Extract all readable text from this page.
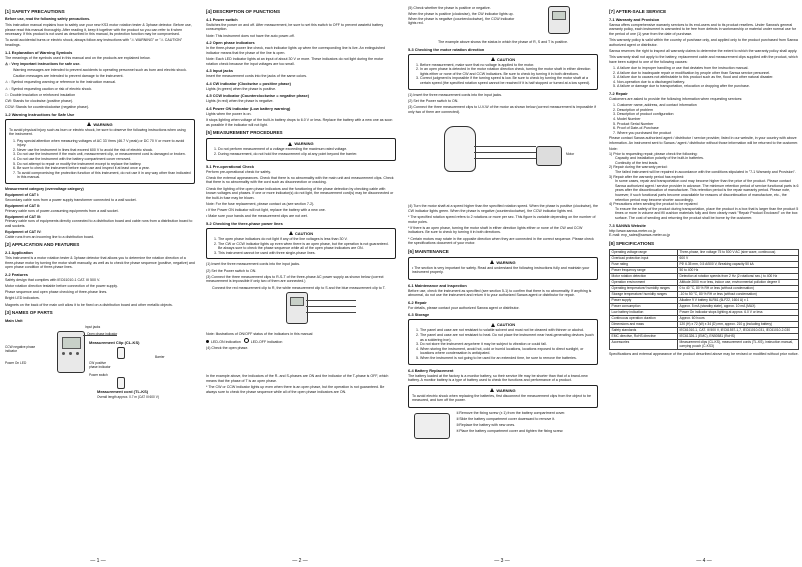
[1] SAFETY PRECAUTIONS

Before use, read the following safety precautions.

This instruction manual explains how to safely use your new KS3 motor rotation tester & 3phase detector. Before use, please read this manual thoroughly. After reading it, keep it together with the product so you can refer to it when necessary. If this product is not used as described in this manual, its protection function may be compromised.

To avoid accidental burns or electric shock, always follow any instructions with "⚠ WARNING" or "⚠ CAUTION" headings.

1-1 Explanation of Warning Symbols

The meanings of the symbols used in this manual and on the products are explained below.

⚠ : Very important instructions for safe use.

Warning messages are intended to prevent accidents to operating personnel such as burn and electric shock.

Caution messages are intended to prevent damage to the instrument.

⚠ : Symbol requesting warning or reference to the instruction manual.

⚠ : Symbol requesting caution or risk of electric shock.

□ : Double insulation or reinforced insulation

CW: Stands for clockwise (positive phase).

CCW: Stands for counterclockwise (negative phase).

1-2 Warning Instructions for Safe Use
WARNING

To avoid physical injury such as burn or electric shock, be sure to observe the following instructions when using the instrument.

1. Pay special attention when measuring voltages of AC 33 Vrms (46.7 V peak) or DC 70 V or more to avoid injury.
2. Never use the instrument in lines that exceed 600 V to avoid the risk of electric shock.
3. Do not use the instrument if the main unit, measurement clip, or measurement cord is damaged or broken.
4. Do not use the instrument with the battery compartment cover removed.
5. Do not attempt to repair or modify the instrument except to replace the battery.
6. Be sure to check the instrument before each use and inspect it at least once a year.
7. To avoid compromising the protection function of this instrument, do not use it in any way other than indicated in this manual.

Measurement category (overvoltage category)

Equipment of CAT I:

Secondary cable runs from a power supply transformer connected to a wall socket.

Equipment of CAT II:

Primary cable runs of power-consuming equipments from a wall socket.

Equipment of CAT III:

Primary cable runs of equipments directly connected to a distribution board and cable runs from a distribution board to wall sockets.

Equipment of CAT IV:

Cable runs from an incoming line to a distribution board.

[2] APPLICATION AND FEATURES
2-1 Application

This instrument is a motor rotation tester & 3phase detector that allows you to determine the rotation direction of a three-phase motor by turning the motor shaft manually, as well as to check the phase sequence (positive, negative) and open phase condition of three-phase lines.

2-2 Features

Safety design that complies with IEC61010-1 CAT. III 500 V.

Motor rotation direction testable before connection of the power supply.

Phase sequence and open phase checking of three-phase lines.

Bright LED indicators.

Magnets on the back of the main unit allow it to be fixed on a distribution board and other metallic objects.

[3] NAMES OF PARTS
Main Unit
Input jacks
Open phase indicator
Measurement Clip (CL-KS)
CCW negative phase indicator
CW positive phase indicator
Power On LED
Power switch
Barrier
Measurement cord (TL-KS)
Overall length approx. 0.7 m (CAT III 600 V)
— 1 —
[4] DESCRIPTION OF FUNCTIONS
4-1 Power switch

Switches the power on and off. After measurement, be sure to set this switch to OFF to prevent wasteful battery consumption.

Note: This instrument does not have the auto power-off.

4-2 Open phase indicators

In the three-phase power line check, each indicator lights up when the corresponding line is live. An extinguished indicator means that the phase of the line is open.

Note: Each LED indicator lights at an input of about 30 V or more. These indicators do not light during the motor rotation check because the input voltages are too small.

4-3 Input jacks

Insert the measurement cords into the jacks of the same colors.

4-4 CW indicator (Clockwise = positive phase)

Lights (in green) when the phase is positive.

4-5 CCW indicator (Counterclockwise = negative phase)

Lights (in red) when the phase is negative.

4-6 Power ON indicator (Low battery warning)

Lights when the power is on.

It stops lighting when voltage of the built-in battery drops to 6.0 V or less. Replace the battery with a new one as soon as possible if the indicator will not light.

[5] MEASUREMENT PROCEDURES
WARNING
1. Do not perform measurement of a voltage exceeding the maximum rated voltage.
2. During measurement, do not hold the measurement clip at any point beyond the barrier.
5-1 Pre-operational Check

Perform pre-operational check for safety.

Check the external appearances. Check that there is no abnormality with the main unit and measurement clips. Check that there is no abnormality with the cord such as disconnection or cracking.

Check the lighting of the open phase indicators and the functioning of the phase detection by checking cable with known voltages and phases. If one or more indicator(s) do not light, the measurement cord(s) may be disconnected or the built-in fuse may be blown.

Note: For the fuse replacement, please contact us (see section 7-2).

• If the Power ON indicator will not light, replace the battery with a new one.

• Make sure your hands and the measurement clips are not wet.

5-2 Checking the three-phase power lines
CAUTION
1. The open phase indicators do not light if any of the line voltages is less than 30 V.
2. The CW or CCW indicator lights up even when there is an open phase, but the operation is not guaranteed. Be always sure to check the phase sequence while all of the open phase indicators are ON.
3. This instrument cannot be used with three single-phase lines.

(1) Insert the three measurement cords into the input jacks.

(2) Set the Power switch to ON.

(3) Connect the three measurement clips to R-S-T of the three-phase AC power supply as shown below (correct measurement is impossible if only two of them are connected.)

Connect the red measurement clip to R, the white measurement clip to S and the blue measurement clip to T.

Note: Illustrations of ON/OFF status of the indicators in this manual

LED-ON indication	LED-OFF indication

(4) Check the open phase.

In the example above, the indicators of the R- and S-phases are ON and the indicator of the T-phase is OFF, which means that the phase of T is an open phase.

* The CW or CCW indicator lights up even when there is an open phase, but the operation is not guaranteed. Be always sure to check the phase sequence while all of the open phase indicators are ON.

— 2 —

(5) Check whether the phase is positive or negative.

When the phase is positive (clockwise), the CW indicator lights up. When the phase is negative (counterclockwise), the CCW indicator lights red.

The example above shows the status in which the phase of R, S and T is positive.

5-3 Checking the motor rotation direction
CAUTION
1. Before measurement, make sure that no voltage is applied to the motor.
2. In an open phase is detected in the motor rotation direction check, turning the motor shaft in either direction lights either or none of the CW and CCW indicators. Be sure to check by turning it in both directions.
3. Correct judgment is impossible if the turning speed is low. Be sure to check by turning the motor shaft at a certain speed (the specified rotation speed cannot be reached if it is half stopped or turned at a low speed).

(1) Insert the three measurement cords into the input jacks.

(2) Set the Power switch to ON.

(3) Connect the three measurement clips to U-V-W of the motor as shown below (correct measurement is impossible if only two of them are connected).

Motor

(4) Turn the motor shaft at a speed higher than the specified rotation speed. When the phase is positive (clockwise), the CW indicator lights green. When the phase is negative (counterclockwise), the CCW indicator lights red.

* The specified rotation speed refers to 2 rotations or more per sec. This figure is variable depending on the number of motor poles.

* If there is an open phase, turning the motor shaft in either direction lights either or none of the CW and CCW indicators. Be sure to check by turning it in both directions.

* Certain motors may rotate in the opposite direction when they are connected in the correct sequence. Please check the specifications document of your motor.

[6] MAINTENANCE
WARNING

• The section is very important for safety. Read and understand the following instructions fully and maintain your instrument properly.

6-1 Maintenance and Inspection

Before use, check the instrument as specified (see section 5-1) to confirm that there is no abnormality. If anything is abnormal, do not use the instrument and return it to your authorized Sanwa agent or distributor for repair.

6-2 Repair

For details, please contact your authorized Sanwa agent or distributor.

6-3 Storage
CAUTION
1. The panel and case are not resistant to volatile solvent and must not be cleaned with thinner or alcohol.
2. The panel and case are not resistant to heat. Do not place the instrument near heat-generating devices (such as a soldering iron).
3. Do not store the instrument anywhere it may be subject to vibration or could fall.
4. When storing the instrument, avoid hot, cold or humid locations, locations exposed to direct sunlight, or locations where condensation is anticipated.
5. When the instrument is not going to be used for an extended time, be sure to remove the batteries.
6-4 Battery Replacement

The battery loaded at the factory is a monitor battery, so their service life may be shorter than that of a brand-new battery. A monitor battery is a type of battery used to check the functions and performance of a product.

WARNING

To avoid electric shock when replacing the batteries, first disconnect the measurement clips from the object to be measured, and turn off the power.

①Remove the fixing screw (x 1) from the battery compartment cover.

②Slide the battery compartment cover downward to remove it.

③Replace the battery with new ones.

④Place the battery compartment cover and tighten the fixing screw.

— 3 —
[7] AFTER-SALE SERVICE
7-1 Warranty and Provision

Sanwa offers comprehensive warranty services to its end-users and to its product resellers. Under Sanwa's general warranty policy, each instrument is warranted to be free from defects in workmanship or material under normal use for the period of one (1) year from the date of purchase.

This warranty policy is valid within the country of purchase only, and applied only to the product purchased from Sanwa authorized agent or distributor.

Sanwa reserves the right to inspect all warranty claims to determine the extent to which the warranty policy shall apply.

This warranty shall not apply to the battery, replacement cable and measurement clips supplied with the product, which have been subject to one of the following causes:

1. A failure due to improper handling or use that deviates from the instruction manual.
2. A failure due to inadequate repair or modification by people other than Sanwa service personnel.
3. A failure due to causes not attributable to this product such as fire, flood and other natural disaster.
4. Non-operation due to a discharged battery.
5. A failure or damage due to transportation, relocation or dropping after the purchase.
7-2 Repair

Customers are asked to provide the following information when requesting services:

1. Customer name, address, and contact information
2. Description of problem
3. Description of product configuration
4. Model Number
5. Product Serial Number
6. Proof of Date-of-Purchase
7. Where you purchased the product

Please contact Sanwa authorized agent / distributor / service provider, listed in our website, in your country with above information. An instrument sent to Sanwa / agent / distributor without those information will be returned to the customer.

Note:

1) Prior to requesting repair, please check the following:

Capacity and installation polarity of the built-in batteries.

Continuity of the test leads.

2) Repair during the warranty period:

The failed instrument will be repaired in accordance with the conditions stipulated in "7-1 Warranty and Provision".

3) Repair after the warranty period has expired:

In some cases, repair and transportation cost may become higher than the price of the product. Please contact Sanwa authorized agent / service provider in advance. The minimum retention period of service functional parts is 6 years after the discontinuation of manufacture. This retention period is the repair warranty period. Please note, however, if such functional parts become unavailable for reasons of discontinuation of manufacture, etc., the retention period may become shorter accordingly.

4) Precautions when sending the product to be repaired

To ensure the safety of the product during transportation, place the product in a box that is larger than the product 5 times or more in volume and fill cushion materials fully and then clearly mark "Repair Product Enclosed" on the box surface. The cost of sending and returning the product shall be borne by the customer.

7-3 SANWA Website

http://www.sanwa-meter.co.jp

E-mail: exp_sales@sanwa-meter.co.jp

[8] SPECIFICATIONS
Operating voltage range	Three-phase, line voltage 75 to 500 V AC (sine wave, continuous)
Overload protection input	600 V
Fuse rating	FΦ 6.35 mm, 0.5 A/500 V, Breaking capacity 50 kA
Power frequency range	50 to 400 Hz
Motor rotation detection	Detection at rotation speeds from 2 Hz (2 rotations/ sec.) to 400 Hz
Operation environment	Altitude 2000 m or less, indoor use, environmental pollution degree II
Operating temperature/ humidity ranges	0 to 40 °C, 80 % RH or less (without condensation)
Storage temperature/ humidity ranges	-10 to 50 °C, 80 % RH or less (without condensation)
Power supply	Alkaline 9 V battery 6LR61 (6LF22, 1604 A) x 1
Power consumption	Approx. 5 mA (standby state), approx. 10 mA (MAX)
Low battery indication	Power On indicator stops lighting at approx. 6.0 V or less
Continuous operation duration	Approx. 60 hours
Dimensions and mass	120 (H) x 72 (W) x 34 (D) mm, approx. 210 g (including battery)
Safety standards	IEC61010-1, CAT. III 500 V, IEC61557-1,7, IEC61010-031, IEC61010-2-030
EMC directive, RoHS directive	IEC61326-1 (EMC), EN50581 (RoHS)
Accessories	Measurement clips (CL-KS), measurement cords (TL-KS), instruction manual, carrying pouch (C-KS3)

Specifications and external appearance of the product described above may be revised or modified without prior notice.

— 4 —
